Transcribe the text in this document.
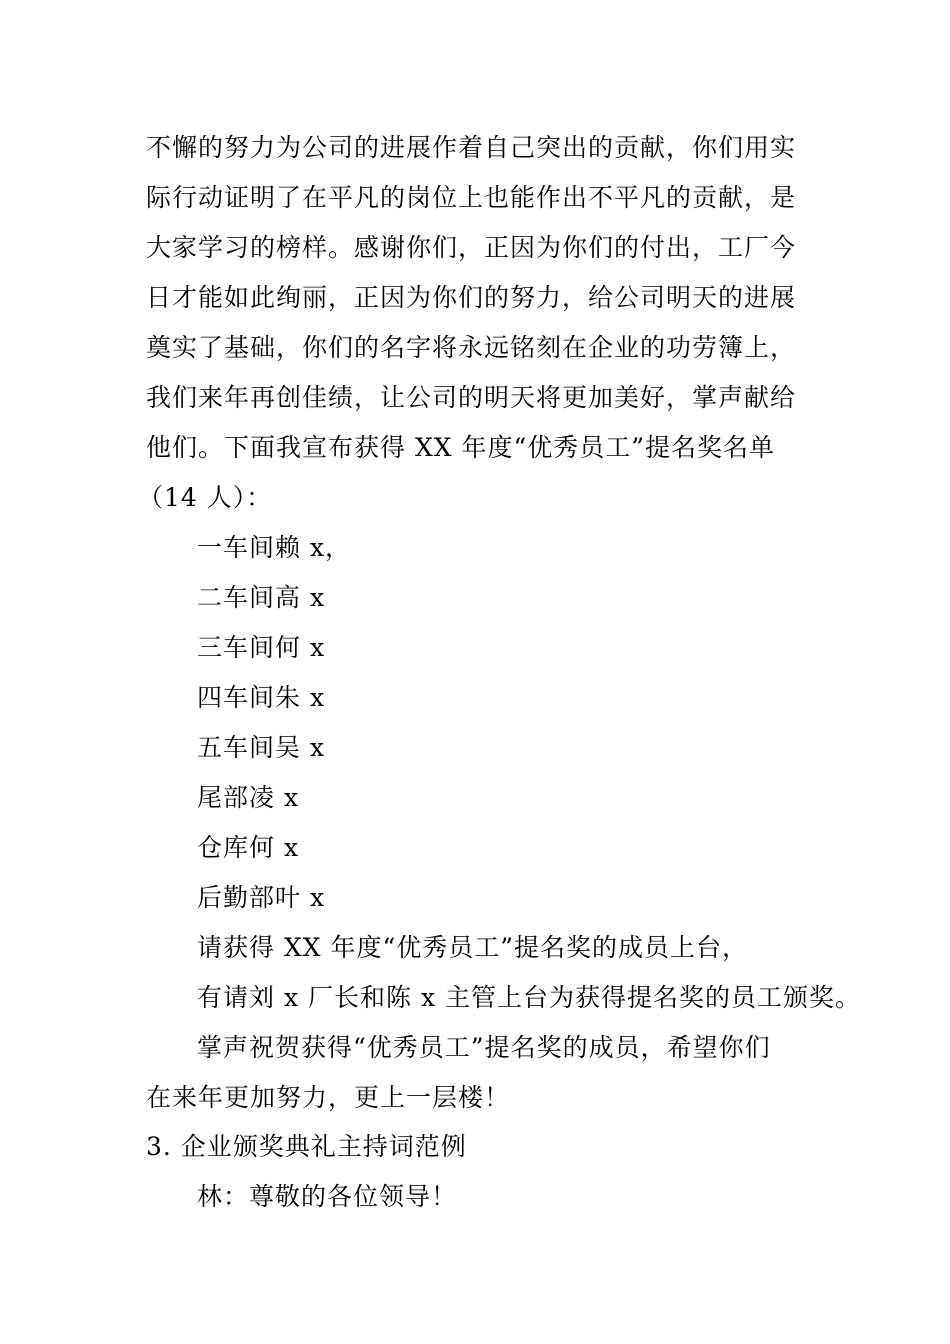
不懈的努力为公司的进展作着自己突出的贡献，你们用实
际行动证明了在平凡的岗位上也能作出不平凡的贡献，是
大家学习的榜样。感谢你们，正因为你们的付出，工厂今
日才能如此绚丽，正因为你们的努力，给公司明天的进展
奠实了基础，你们的名字将永远铭刻在企业的功劳簿上，
我们来年再创佳绩，让公司的明天将更加美好，掌声献给
他们。下面我宣布获得 XX 年度“优秀员工”提名奖名单
（14 人）：
一车间赖 x，
二车间高 x
三车间何 x
四车间朱 x
五车间吴 x
尾部凌 x
仓库何 x
后勤部叶 x
请获得 XX 年度“优秀员工”提名奖的成员上台，
有请刘 x 厂长和陈 x 主管上台为获得提名奖的员工颁奖。
掌声祝贺获得“优秀员工”提名奖的成员，希望你们
在来年更加努力，更上一层楼！
3. 企业颁奖典礼主持词范例
林：尊敬的各位领导！
